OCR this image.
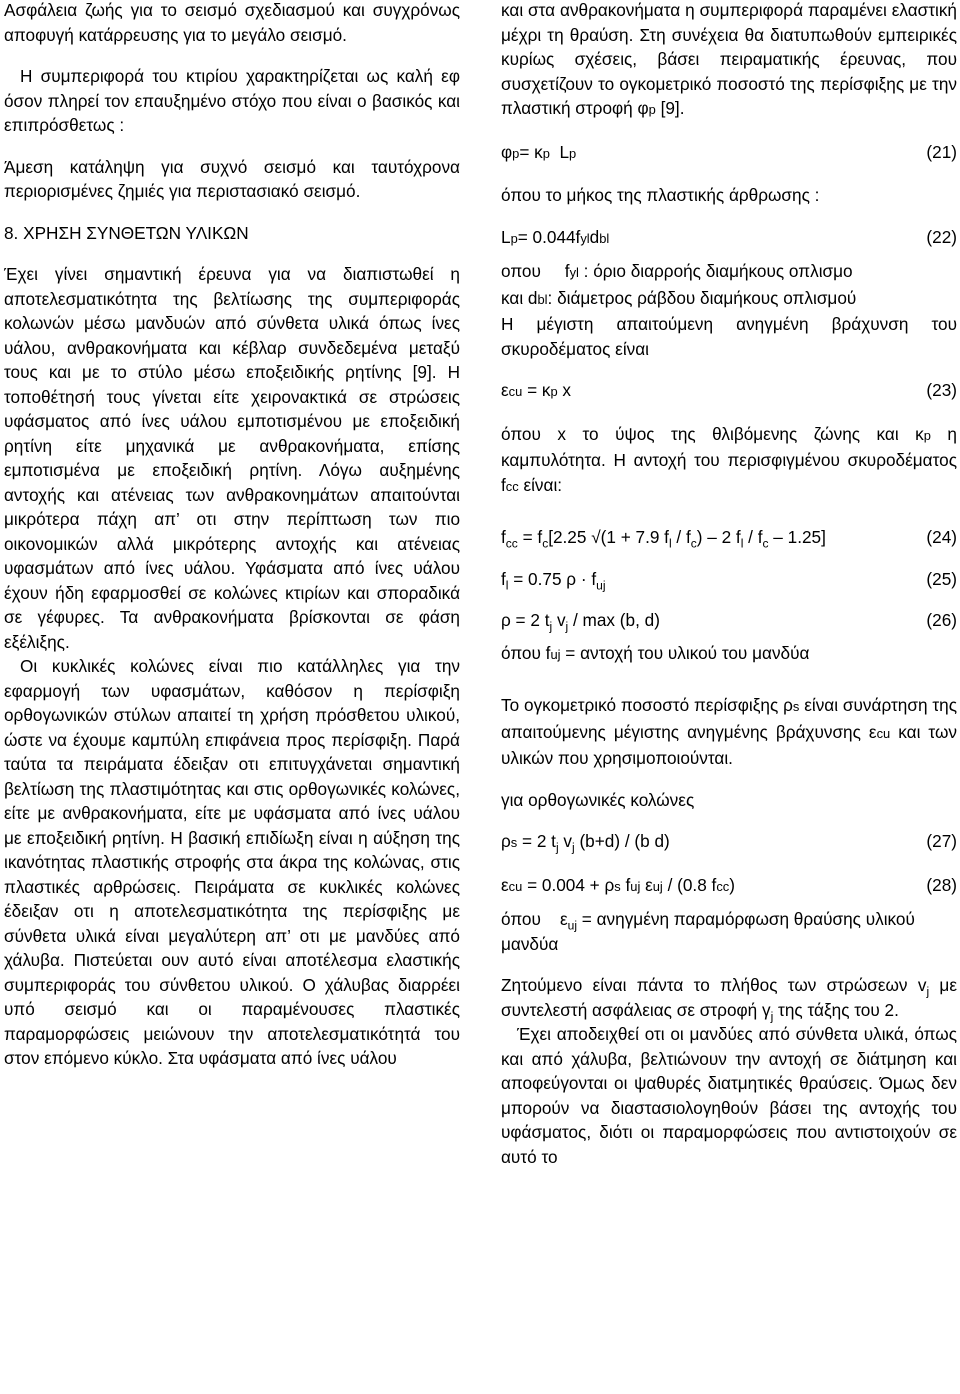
Ασφάλεια ζωής για το σεισμό σχεδιασμού και συγχρόνως αποφυγή κατάρρευσης για το μεγάλο σεισμό.

Η συμπεριφορά του κτιρίου χαρακτηρίζεται ως καλή εφ όσον πληρεί τον επαυξημένο στόχο που είναι ο βασικός και επιπρόσθετως :

Άμεση κατάληψη για συχνό σεισμό και ταυτόχρονα περιορισμένες ζημιές για περιστασιακό σεισμό.

8. ΧΡΗΣΗ ΣΥΝΘΕΤΩΝ ΥΛΙΚΩΝ

Έχει γίνει σημαντική έρευνα για να διαπιστωθεί η αποτελεσματικότητα της βελτίωσης της συμπεριφοράς κολωνών μέσω μανδυών από σύνθετα υλικά όπως ίνες υάλου, ανθρακονήματα και κέβλαρ συνδεδεμένα μεταξύ τους και με το στύλο μέσω εποξειδικής ρητίνης [9]. Η τοποθέτησή τους γίνεται είτε χειρονακτικά σε στρώσεις υφάσματος από ίνες υάλου εμποτισμένου με εποξειδική ρητίνη είτε μηχανικά με ανθρακονήματα, επίσης εμποτισμένα με εποξειδική ρητίνη. Λόγω αυξημένης αντοχής και ατένειας των ανθρακονημάτων απαιτούνται μικρότερα πάχη απ’ οτι στην περίπτωση των πιο οικονομικών αλλά μικρότερης αντοχής και ατένειας υφασμάτων από ίνες υάλου. Υφάσματα από ίνες υάλου έχουν ήδη εφαρμοσθεί σε κολώνες κτιρίων και σποραδικά σε γέφυρες. Τα ανθρακονήματα βρίσκονται σε φάση εξέλιξης.

Οι κυκλικές κολώνες είναι πιο κατάλληλες για την εφαρμογή των υφασμάτων, καθόσον η περίσφιξη ορθογωνικών στύλων απαιτεί τη χρήση πρόσθετου υλικού, ώστε να έχουμε καμπύλη επιφάνεια προς περίσφιξη. Παρά ταύτα τα πειράματα έδειξαν οτι επιτυγχάνεται σημαντική βελτίωση της πλαστιμότητας και στις ορθογωνικές κολώνες, είτε με ανθρακονήματα, είτε με υφάσματα από ίνες υάλου με εποξειδική ρητίνη. Η βασική επιδίωξη είναι η αύξηση της ικανότητας πλαστικής στροφής στα άκρα της κολώνας, στις πλαστικές αρθρώσεις. Πειράματα σε κυκλικές κολώνες έδειξαν οτι η αποτελεσματικότητα της περίσφιξης με σύνθετα υλικά είναι μεγαλύτερη απ’ οτι με μανδύες από χάλυβα. Πιστεύεται ουν αυτό είναι αποτέλεσμα ελαστικής συμπεριφοράς του σύνθετου υλικού. Ο χάλυβας διαρρέει υπό σεισμό και οι παραμένουσες πλαστικές παραμορφώσεις μειώνουν την αποτελεσματικότητά του στον επόμενο κύκλο. Στα υφάσματα από ίνες υάλου

και στα ανθρακονήματα η συμπεριφορά παραμένει ελαστική μέχρι τη θραύση. Στη συνέχεια θα διατυπωθούν εμπειρικές κυρίως σχέσεις, βάσει πειραματικής έρευνας, που συσχετίζουν το ογκομετρικό ποσοστό της περίσφιξης με την πλαστική στροφή φp [9].

φp= κp  Lp	(21)

όπου το μήκος της πλαστικής άρθρωσης :

Lp= 0.044fyldbl	(22)

οπου fyl : όριο διαρροής διαμήκους οπλισμο

και dbl: διάμετρος ράβδου διαμήκους οπλισμού

Η μέγιστη απαιτούμενη ανηγμένη βράχυνση του σκυροδέματος είναι

εcu = κp x	(23)

όπου x το ύψος της θλιβόμενης ζώνης και κp η καμπυλότητα. Η αντοχή του περισφιγμένου σκυροδέματος fcc είναι:

$f_{cc} = f_c[2.25$ √(1 + 7.9 $f_l / f_c) - 2$ $f_l / f_c - 1.25$]	(24)
$f_l = 0.75$ $\rho \cdot f_{uj}$	(25)
ρ = 2 $t_j$ $v_j$ / max (b, d)	(26)

όπου fuj = αντοχή του υλικού του μανδύα

Το ογκομετρικό ποσοστό περίσφιξης ρs είναι συνάρτηση της απαιτούμενης μέγιστης ανηγμένης βράχυνσης εcu και των υλικών που χρησιμοποιούνται.

για ορθογωνικές κολώνες

ρs = 2 $t_j$ $v_j$ (b+d) / (b d)	(27)
εcu = 0.004 + ρs fuj εuj / (0.8 fcc)	(28)

όπου    $\varepsilon_{uj} = \alpha\nu\eta\gamma\mu έ\nu\eta$ παραμόρφωση θραύσης υλικού μανδύα

Ζητούμενο είναι πάντα το πλήθος των στρώσεων $v_j$ με συντελεστή ασφάλειας σε στροφή $\gamma_j$ της τάξης του 2.

Έχει αποδειχθεί οτι οι μανδύες από σύνθετα υλικά, όπως και από χάλυβα, βελτιώνουν την αντοχή σε διάτμηση και αποφεύγονται οι ψαθυρές διατμητικές θραύσεις. Όμως δεν μπορούν να διαστασιολογηθούν βάσει της αντοχής του υφάσματος, διότι οι παραμορφώσεις που αντιστοιχούν σε αυτό το
